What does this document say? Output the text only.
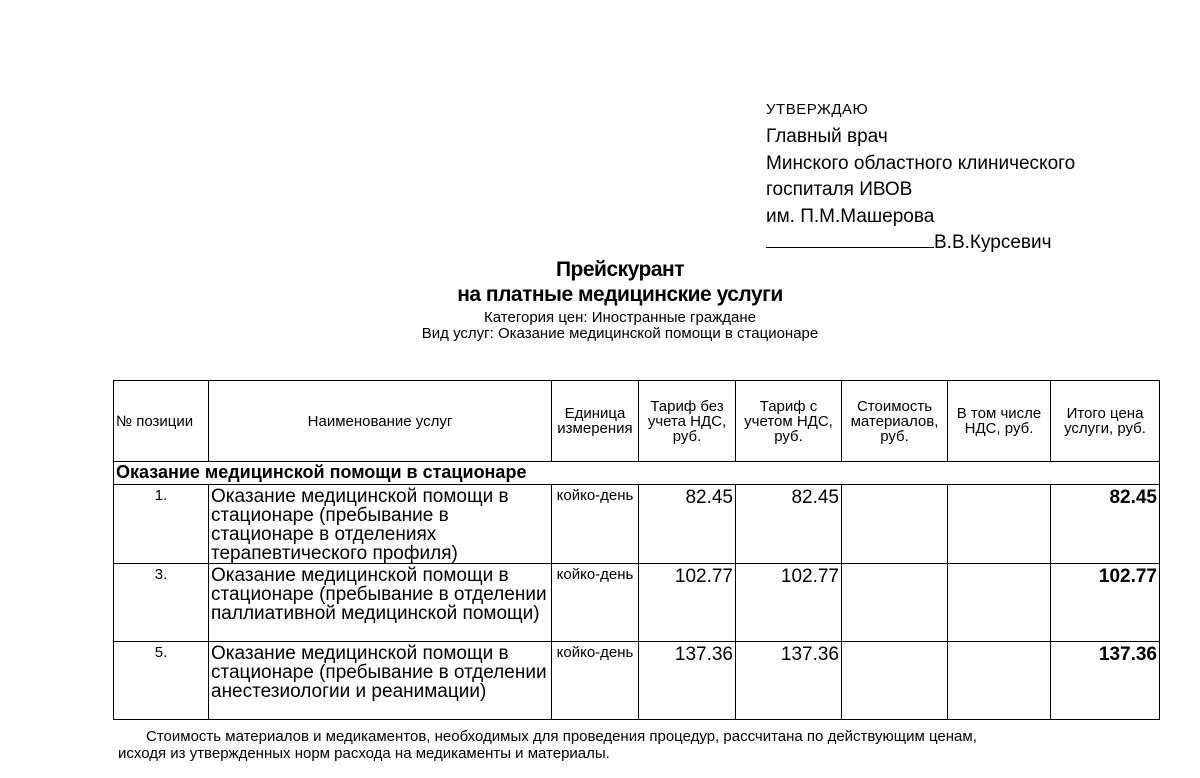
УТВЕРЖДАЮ
Главный врач
Минского областного клинического
госпиталя ИВОВ
им. П.М.Машерова
В.В.Курсевич
Прейскурант
на платные медицинские услуги
Категория цен: Иностранные граждане
Вид услуг: Оказание медицинской помощи в стационаре
№ позиции	Наименование услуг	Единица измерения	Тариф без учета НДС, руб.	Тариф с учетом НДС, руб.	Стоимость материалов, руб.	В том числе НДС, руб.	Итого цена услуги, руб.
Оказание медицинской помощи в стационаре							
1.	Оказание медицинской помощи в стационаре (пребывание в стационаре в отделениях терапевтического профиля)	койко-день	82.45	82.45			82.45
3.	Оказание медицинской помощи в стационаре (пребывание в отделении паллиативной медицинской помощи)	койко-день	102.77	102.77			102.77
5.	Оказание медицинской помощи в стационаре (пребывание в отделении анестезиологии и реанимации)	койко-день	137.36	137.36			137.36
Стоимость материалов и медикаментов, необходимых для проведения процедур, рассчитана по действующим ценам,
исходя из утвержденных норм расхода на медикаменты и материалы.
